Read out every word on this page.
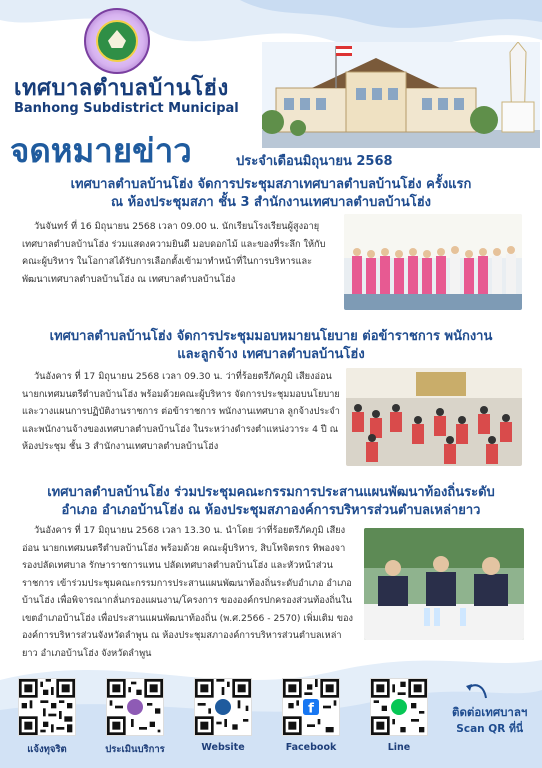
เทศบาลตำบลบ้านโฮ่ง
Banhong Subdistrict Municipal
จดหมายข่าว	ประจำเดือนมิถุนายน 2568
เทศบาลตำบลบ้านโฮ่ง จัดการประชุมสภาเทศบาลตำบลบ้านโฮ่ง ครั้งแรก
ณ ห้องประชุมสภา ชั้น 3 สำนักงานเทศบาลตำบลบ้านโฮ่ง

วันจันทร์ ที่ 16 มิถุนายน 2568 เวลา 09.00 น. นักเรียนโรงเรียนผู้สูงอายุเทศบาลตำบลบ้านโฮ่ง ร่วมแสดงความยินดี มอบดอกไม้ และของที่ระลึก ให้กับคณะผู้บริหาร ในโอกาสได้รับการเลือกตั้งเข้ามาทำหน้าที่ในการบริหารและพัฒนาเทศบาลตำบลบ้านโฮ่ง ณ เทศบาลตำบลบ้านโฮ่ง

เทศบาลตำบลบ้านโฮ่ง จัดการประชุมมอบหมายนโยบาย ต่อข้าราชการ พนักงาน
และลูกจ้าง เทศบาลตำบลบ้านโฮ่ง

วันอังคาร ที่ 17 มิถุนายน 2568 เวลา 09.30 น. ว่าที่ร้อยตรีภัคภูมิ เสียงอ่อน นายกเทศมนตรีตำบลบ้านโฮ่ง พร้อมด้วยคณะผู้บริหาร จัดการประชุมมอบนโยบาย และวางแผนการปฏิบัติงานราชการ ต่อข้าราชการ พนักงานเทศบาล ลูกจ้างประจำ และพนักงานจ้างของเทศบาลตำบลบ้านโฮ่ง ในระหว่างดำรงตำแหน่งวาระ 4 ปี ณ ห้องประชุม ชั้น 3 สำนักงานเทศบาลตำบลบ้านโฮ่ง

เทศบาลตำบลบ้านโฮ่ง ร่วมประชุมคณะกรรมการประสานแผนพัฒนาท้องถิ่นระดับ
อำเภอ อำเภอบ้านโฮ่ง ณ ห้องประชุมสภาองค์การบริหารส่วนตำบลเหล่ายาว

วันอังคาร ที่ 17 มิถุนายน 2568 เวลา 13.30 น. นำโดย ว่าที่ร้อยตรีภัคภูมิ เสียงอ่อน นายกเทศมนตรีตำบลบ้านโฮ่ง พร้อมด้วย คณะผู้บริหาร, สิบโทจิตรกร ทิพองจา รองปลัดเทศบาล รักษาราชการแทน ปลัดเทศบาลตำบลบ้านโฮ่ง และหัวหน้าส่วนราชการ เข้าร่วมประชุมคณะกรรมการประสานแผนพัฒนาท้องถิ่นระดับอำเภอ อำเภอบ้านโฮ่ง เพื่อพิจารณากลั่นกรองแผนงาน/โครงการ ขององค์กรปกครองส่วนท้องถิ่นในเขตอำเภอบ้านโฮ่ง เพื่อประสานแผนพัฒนาท้องถิ่น (พ.ศ.2566 - 2570) เพิ่มเติม ขององค์การบริหารส่วนจังหวัดลำพูน ณ ห้องประชุมสภาองค์การบริหารส่วนตำบลเหล่ายาว อำเภอบ้านโฮ่ง จังหวัดลำพูน

f
แจ้งทุจริต	ประเมินบริการ	Website	Facebook	Line
ติดต่อเทศบาลฯ
Scan QR ที่นี่
